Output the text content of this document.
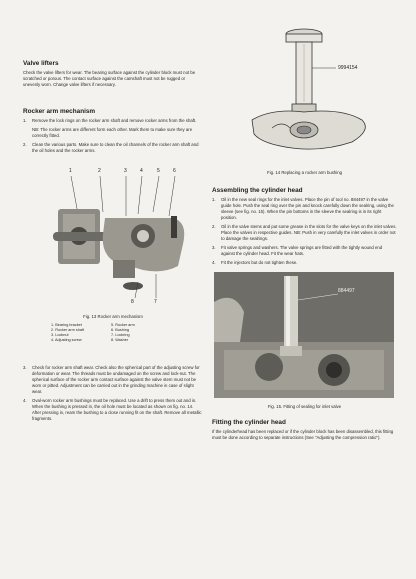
Valve lifters

Check the valve lifters for wear. The bearing surface against the cylinder block must not be scratched or porous. The contact surface against the camshaft must not be rugged or unevenly worn. Change valve lifters if necessary.

Rocker arm mechanism
1.	Remove the lock rings on the rocker arm shaft and remove rocker arms from the shaft.
NB: The rocker arms are different form each other. Mark them to make sure they are correctly fitted.
2.	Clean the various parts. Make sure to clean the oil channels of the rocker arm shaft and the oil holes and the rocker arms.
1	2	3	4	5	6
8	7
Fig. 13 Rocker arm mechanism
1. Bearing bracket	5. Rocker arm
2. Rocker arm shaft	6. Bushing
3. Locknut	7. Lockring
4. Adjusting screw	8. Washer
3.	Check for rocker arm shaft wear. Check also the spherical part of the adjusting screw for deformation or wear. The threads must be undamaged on the screw and lock-nut. The spherical surface of the rocker arm contact surface against the valve stem must not be worn or pitted. Adjustment can be carried out in the grinding machine in case of slight wear.
4.	Oval-worn rocker arm bushings must be replaced. Use a drift to press them out and in. When the bushing is pressed in, the oil hole must be located as shown on fig. no. 14. After pressing in, ream the bushing to a close running fit on the shaft. Remove all metallic fragments.
9994154
Fig. 14 Replacing a rocker arm bushing
Assembling the cylinder head
1.	Oil in the new seal rings for the inlet valves. Place the pin of tool no. 884497 in the valve guide hole. Push the seal ring over the pin and knock carefully down the sealring, using the sleeve (see fig. no. 15). When the pin bottoms in the sleeve the sealring is in its right position.
2.	Oil in the valve stems and put some grease in the slots for the valve keys on the inlet valves. Place the valves in respective guides. NB: Push in very carefully the inlet valves in order not to damage the sealrings.
3.	Fit valve springs and washers. The valve springs are fitted with the tightly wound end against the cylinder head. Fit the wear hats.
4.	Fit the injectors but do not tighten these.
884497
Fig. 15. Fitting of sealing for inlet valve
Fitting the cylinder head

If the cylinderhead has been replaced or if the cylinder block has been disassembled, this fitting must be done according to separate instructions (See "Adjusting the compression ratio").
